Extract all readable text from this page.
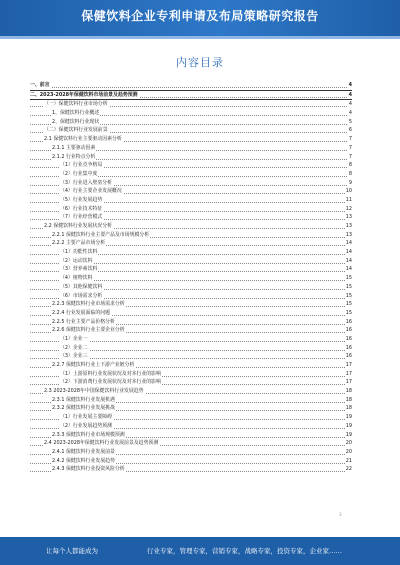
保健饮料企业专利申请及布局策略研究报告
内容目录
一、前言	4
二、2023-2028年保健饮料市场前景及趋势预测	4
（一）保健饮料行业市场分析	4
1、保健饮料行业概述	4
2、保健饮料行业现状	5
（二）保健饮料行业发展前景	6
2.1 保健饮料行业主要驱动因素分析	7
2.1.1 主要驱动因素	7
2.1.2 行业特点分析	7
（1）行业竞争格局	8
（2）行业集中度	8
（3）行业进入壁垒分析	9
（4）行业主要企业发展概况	10
（5）行业发展趋势	11
（6）行业技术特征	12
（7）行业经营模式	13
2.2 保健饮料行业发展状况分析	13
2.2.1 保健饮料行业主要产品及市场规模分析	13
2.2.2 主要产品市场分析	14
（1）功能性饮料	14
（2）运动饮料	14
（3）营养素饮料	14
（4）植物饮料	15
（5）其他保健饮料	15
（6）市场需求分析	15
2.2.3 保健饮料行业市场需求分析	15
2.2.4 行业发展面临的问题	15
2.2.5 行业主要产品价格分析	16
2.2.6 保健饮料行业主要企业分析	16
（1）企业一	16
（2）企业二	16
（3）企业三	16
2.2.7 保健饮料行业上下游产业链分析	17
（1）上游原料行业发展状况及对本行业的影响	17
（2）下游消费行业发展状况及对本行业的影响	17
2.3 2023-2028年中国保健饮料行业发展趋势	18
2.3.1 保健饮料行业发展机遇	18
2.3.2 保健饮料行业发展挑战	18
（1）行业发展主要障碍	19
（2）行业发展趋势预测	19
2.3.3 保健饮料行业市场规模预测	19
2.4 2023-2028年保健饮料行业发展前景及趋势预测	20
2.4.1 保健饮料行业发展前景	20
2.4.2 保健饮料行业发展趋势	21
2.4.3 保健饮料行业投资风险分析	22
3
让每个人都能成为	行业专家，管理专家，营销专家，战略专家，投资专家，企业家……
